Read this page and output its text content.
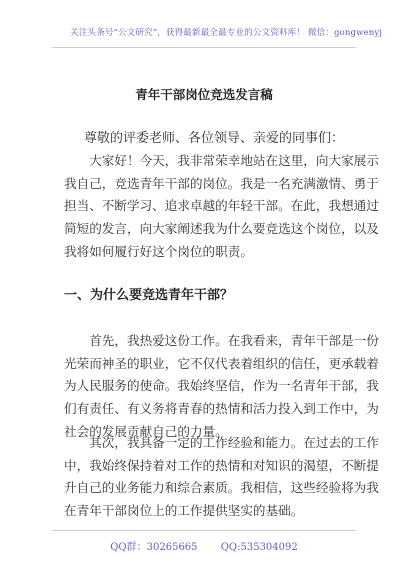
关注头条号“公文研究”，获得最新最全最专业的公文资料库！ 微信：gongwenyj
青年干部岗位竞选发言稿
尊敬的评委老师、各位领导、亲爱的同事们：
大家好！今天，我非常荣幸地站在这里，向大家展示
我自己，竞选青年干部的岗位。我是一名充满激情、勇于
担当、不断学习、追求卓越的年轻干部。在此，我想通过
简短的发言，向大家阐述我为什么要竞选这个岗位，以及
我将如何履行好这个岗位的职责。
一、为什么要竞选青年干部？
首先，我热爱这份工作。在我看来，青年干部是一份
光荣而神圣的职业，它不仅代表着组织的信任，更承载着
为人民服务的使命。我始终坚信，作为一名青年干部，我
们有责任、有义务将青春的热情和活力投入到工作中，为
社会的发展贡献自己的力量。
其次，我具备一定的工作经验和能力。在过去的工作
中，我始终保持着对工作的热情和对知识的渴望，不断提
升自己的业务能力和综合素质。我相信，这些经验将为我
在青年干部岗位上的工作提供坚实的基础。
QQ群：30265665 QQ:535304092
